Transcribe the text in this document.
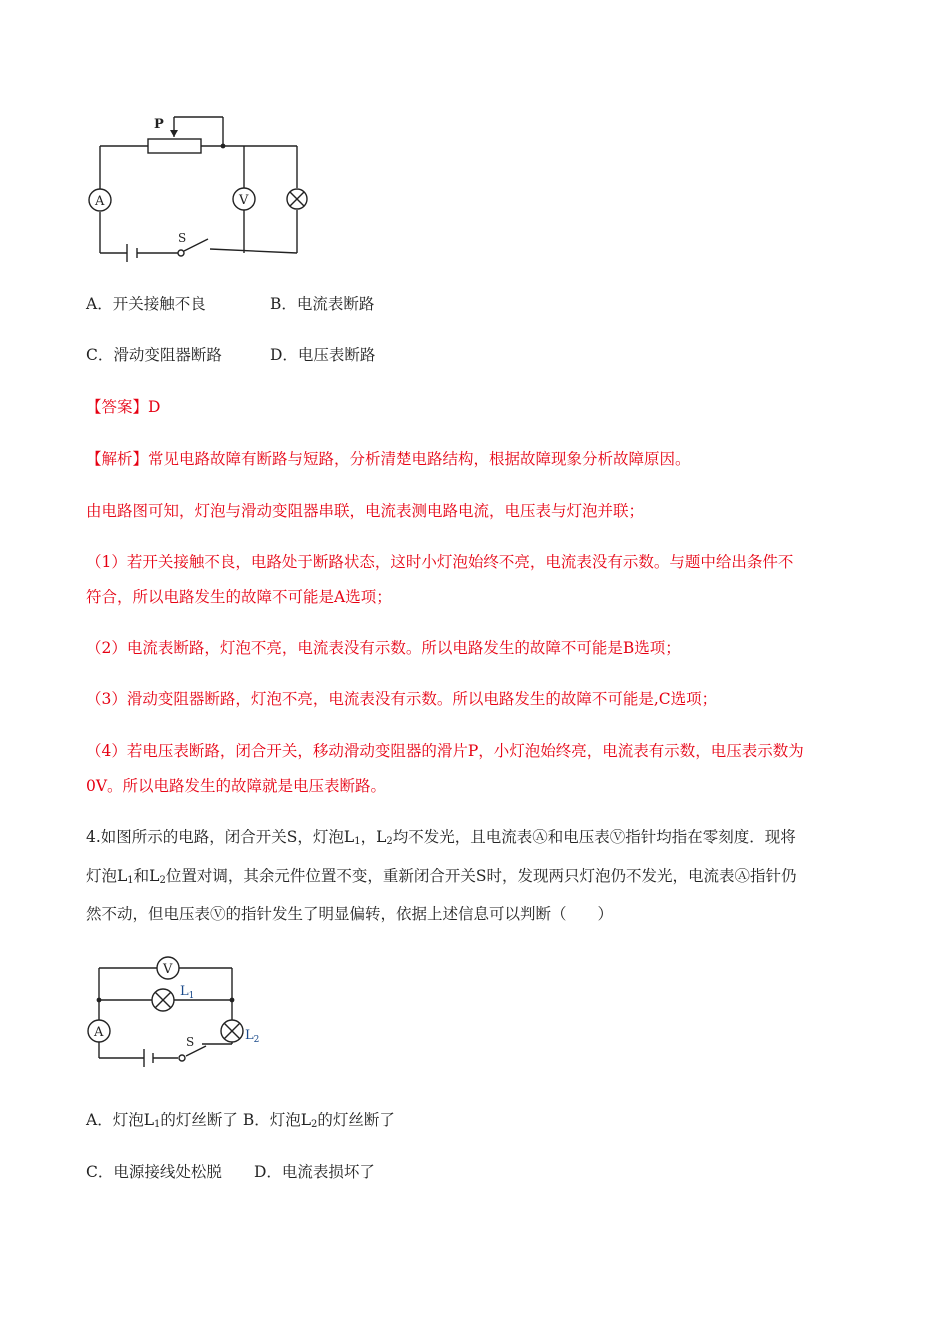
P
S
A	V
A．开关接触不良	B．电流表断路
C．滑动变阻器断路	D．电压表断路
【答案】D
【解析】常见电路故障有断路与短路，分析清楚电路结构，根据故障现象分析故障原因。
由电路图可知，灯泡与滑动变阻器串联，电流表测电路电流，电压表与灯泡并联；
（1）若开关接触不良，电路处于断路状态，这时小灯泡始终不亮，电流表没有示数。与题中给出条件不
符合，所以电路发生的故障不可能是A选项；
（2）电流表断路，灯泡不亮，电流表没有示数。所以电路发生的故障不可能是B选项；
（3）滑动变阻器断路，灯泡不亮，电流表没有示数。所以电路发生的故障不可能是,C选项；
（4）若电压表断路，闭合开关，移动滑动变阻器的滑片P，小灯泡始终亮，电流表有示数，电压表示数为
0V。所以电路发生的故障就是电压表断路。
4.如图所示的电路，闭合开关S，灯泡$L_1$，$L_2$均不发光，且电流表Ⓐ和电压表Ⓥ指针均指在零刻度．现将
灯泡$L_1$和$L_2$位置对调，其余元件位置不变，重新闭合开关S时，发现两只灯泡仍不发光，电流表Ⓐ指针仍
然不动，但电压表Ⓥ的指针发生了明显偏转，依据上述信息可以判断（　　）
V
A
$L_1$
$L_2$
S
A．灯泡$L_1$的灯丝断了 B．灯泡$L_2$的灯丝断了
C．电源接线处松脱 D．电流表损坏了
